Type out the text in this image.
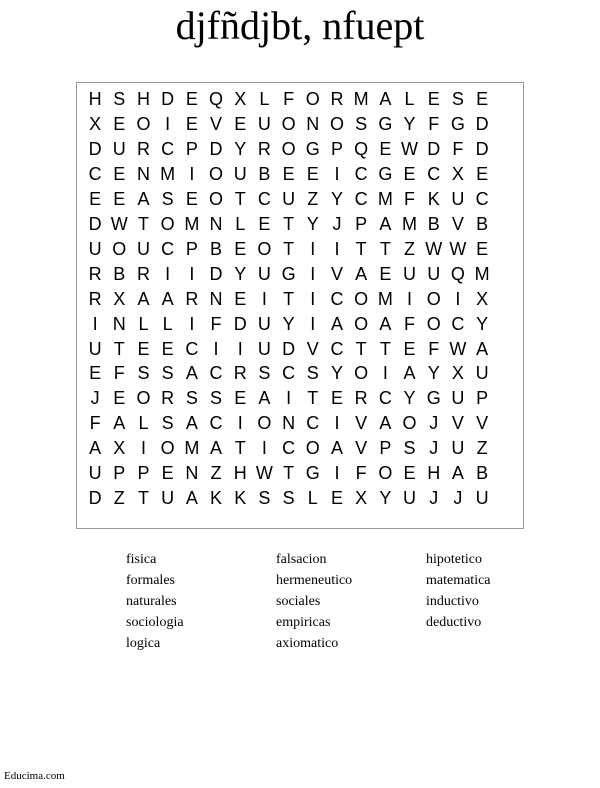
djfñdjbt, nfuept
H S H D E Q X L F O R M A L E S E
X E O I E V E U O N O S G Y F G D
D U R C P D Y R O G P Q E W D F D
C E N M I O U B E E I C G E C X E
E E A S E O T C U Z Y C M F K U C
D W T O M N L E T Y J P A M B V B
U O U C P B E O T I	I T T Z W W E
R B R I	I D Y U G I V A E U U Q M
R X A A R N E I T I C O M I O I X
I N L L I F D U Y I A O A F O C Y
U T E E C I	I U D V C T T E F W A
E F S S A C R S C S Y O I A Y X U
J E O R S S E A I T E R C Y G U P
F A L S A C I O N C I V A O J V V
A X I O M A T I C O A V P S J U Z
U P P E N Z H W T G I F O E H A B
D Z T U A K K S S L E X Y U J J U
fisica
formales
naturales
sociologia
logica
falsacion
hermeneutico
sociales
empiricas
axiomatico
hipotetico
matematica
inductivo
deductivo
Educima.com
